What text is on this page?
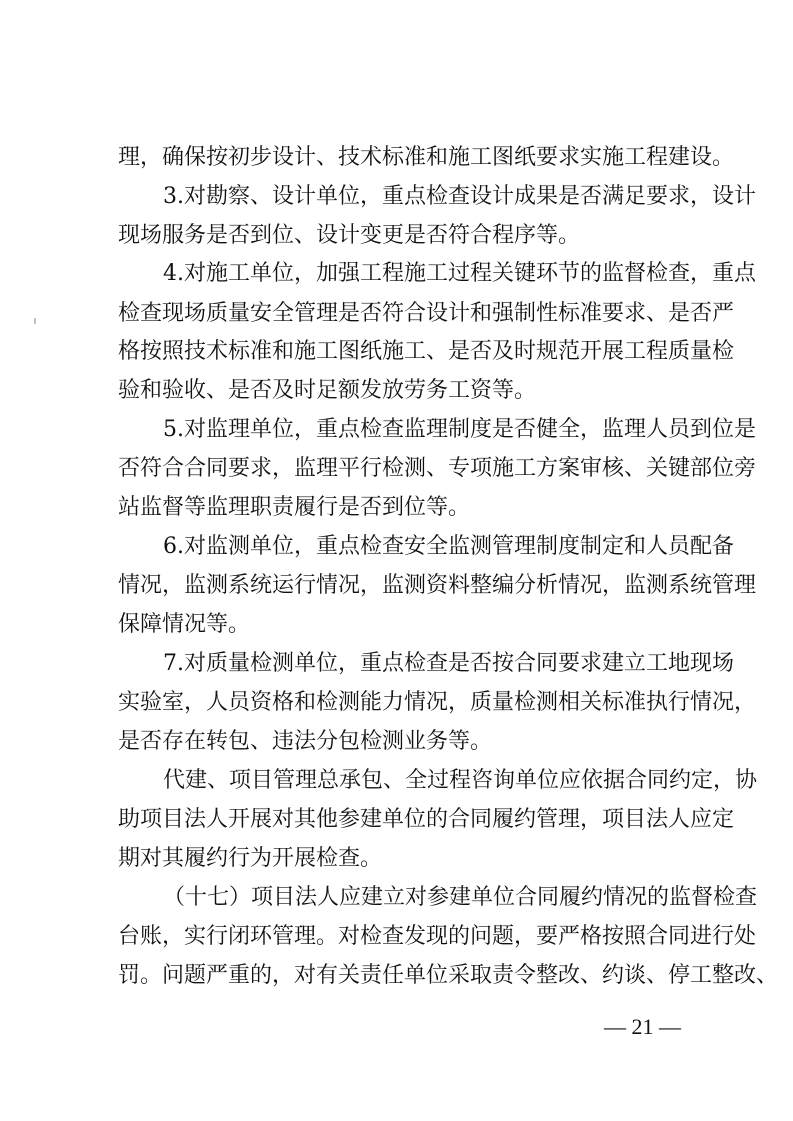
理，确保按初步设计、技术标准和施工图纸要求实施工程建设。
3.对勘察、设计单位，重点检查设计成果是否满足要求，设计
现场服务是否到位、设计变更是否符合程序等。
4.对施工单位，加强工程施工过程关键环节的监督检查，重点
检查现场质量安全管理是否符合设计和强制性标准要求、是否严
格按照技术标准和施工图纸施工、是否及时规范开展工程质量检
验和验收、是否及时足额发放劳务工资等。
5.对监理单位，重点检查监理制度是否健全，监理人员到位是
否符合合同要求，监理平行检测、专项施工方案审核、关键部位旁
站监督等监理职责履行是否到位等。
6.对监测单位，重点检查安全监测管理制度制定和人员配备
情况，监测系统运行情况，监测资料整编分析情况，监测系统管理
保障情况等。
7.对质量检测单位，重点检查是否按合同要求建立工地现场
实验室，人员资格和检测能力情况，质量检测相关标准执行情况，
是否存在转包、违法分包检测业务等。
代建、项目管理总承包、全过程咨询单位应依据合同约定，协
助项目法人开展对其他参建单位的合同履约管理，项目法人应定
期对其履约行为开展检查。
（十七）项目法人应建立对参建单位合同履约情况的监督检查
台账，实行闭环管理。对检查发现的问题，要严格按照合同进行处
罚。问题严重的，对有关责任单位采取责令整改、约谈、停工整改、
— 21 —
